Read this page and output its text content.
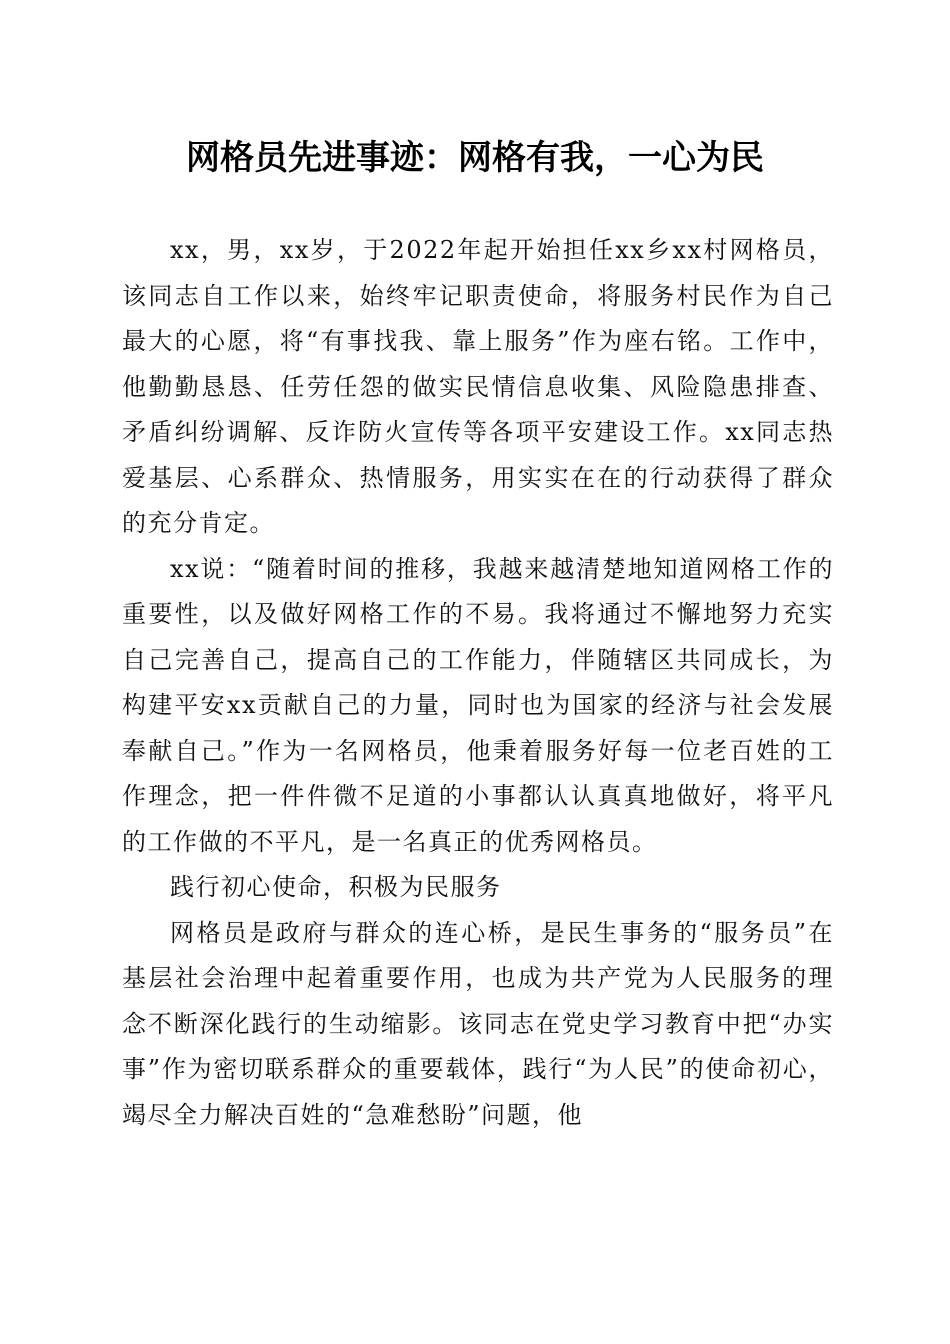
网格员先进事迹：网格有我，一心为民

xx，男，xx岁，于2022年起开始担任xx乡xx村网格员，该同志自工作以来，始终牢记职责使命，将服务村民作为自己最大的心愿，将“有事找我、靠上服务”作为座右铭。工作中，他勤勤恳恳、任劳任怨的做实民情信息收集、风险隐患排查、矛盾纠纷调解、反诈防火宣传等各项平安建设工作。xx同志热爱基层、心系群众、热情服务，用实实在在的行动获得了群众的充分肯定。

xx说：“随着时间的推移，我越来越清楚地知道网格工作的重要性，以及做好网格工作的不易。我将通过不懈地努力充实自己完善自己，提高自己的工作能力，伴随辖区共同成长，为构建平安xx贡献自己的力量，同时也为国家的经济与社会发展奉献自己。”作为一名网格员，他秉着服务好每一位老百姓的工作理念，把一件件微不足道的小事都认认真真地做好，将平凡的工作做的不平凡，是一名真正的优秀网格员。

践行初心使命，积极为民服务

网格员是政府与群众的连心桥，是民生事务的“服务员”在基层社会治理中起着重要作用，也成为共产党为人民服务的理念不断深化践行的生动缩影。该同志在党史学习教育中把“办实事”作为密切联系群众的重要载体，践行“为人民”的使命初心，竭尽全力解决百姓的“急难愁盼”问题，他
